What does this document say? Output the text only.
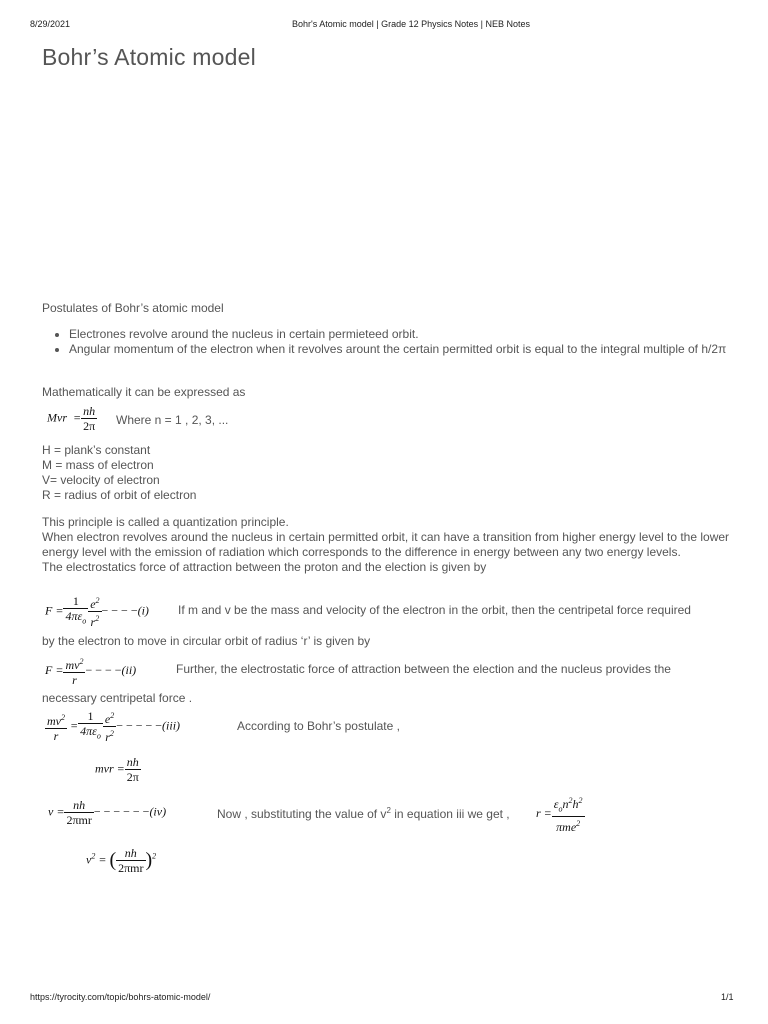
8/29/2021	Bohr's Atomic model | Grade 12 Physics Notes | NEB Notes
Bohr’s Atomic model
Postulates of Bohr’s atomic model
• Electrones revolve around the nucleus in certain permieteed orbit.
• Angular momentum of the electron when it revolves arount the certain permitted orbit is equal to the integral multiple of h/2π
Mathematically it can be expressed as
Mvr  = $\frac{nh}{2\pi}$ Where n = 1 , 2, 3, ...
H = plank’s constant
M = mass of electron
V= velocity of electron
R = radius of orbit of electron
This principle is called a quantization principle.
When electron revolves around the nucleus in certain permitted orbit, it can have a transition from higher energy level to the lower energy level with the emission of radiation which corresponds to the difference in energy between any two energy levels.
The electrostatics force of attraction between the proton and the election is given by
$F = \frac{1}{4\pi\varepsilon_o} \frac{e^2}{r^2}$ − − − −(i) If m and v be the mass and velocity of the electron in the orbit, then the centripetal force required
by the electron to move in circular orbit of radius ‘r’ is given by
$F = \frac{mv^2}{r}$ − − − −(ii)	Further, the electrostatic force of attraction between the election and the nucleus provides the
necessary centripetal force .
$\frac{mv^2}{r} = \frac{1}{4\pi\varepsilon_o} \frac{e^2}{r^2}$ − − − − −(iii)	According to Bohr’s postulate ,
mvr = $\frac{nh}{2\pi}$
$v = \frac{nh}{\text{2πmr}}$ − − − − − −(iv)	Now , substituting the value of $v^2$ in equation iii we get , $r = \frac{\varepsilon_on^2h^2}{\pi me^2}$
$v^2$ = ( $\frac{nh}{\text{2πmr}} )^2$
https://tyrocity.com/topic/bohrs-atomic-model/	1/1
